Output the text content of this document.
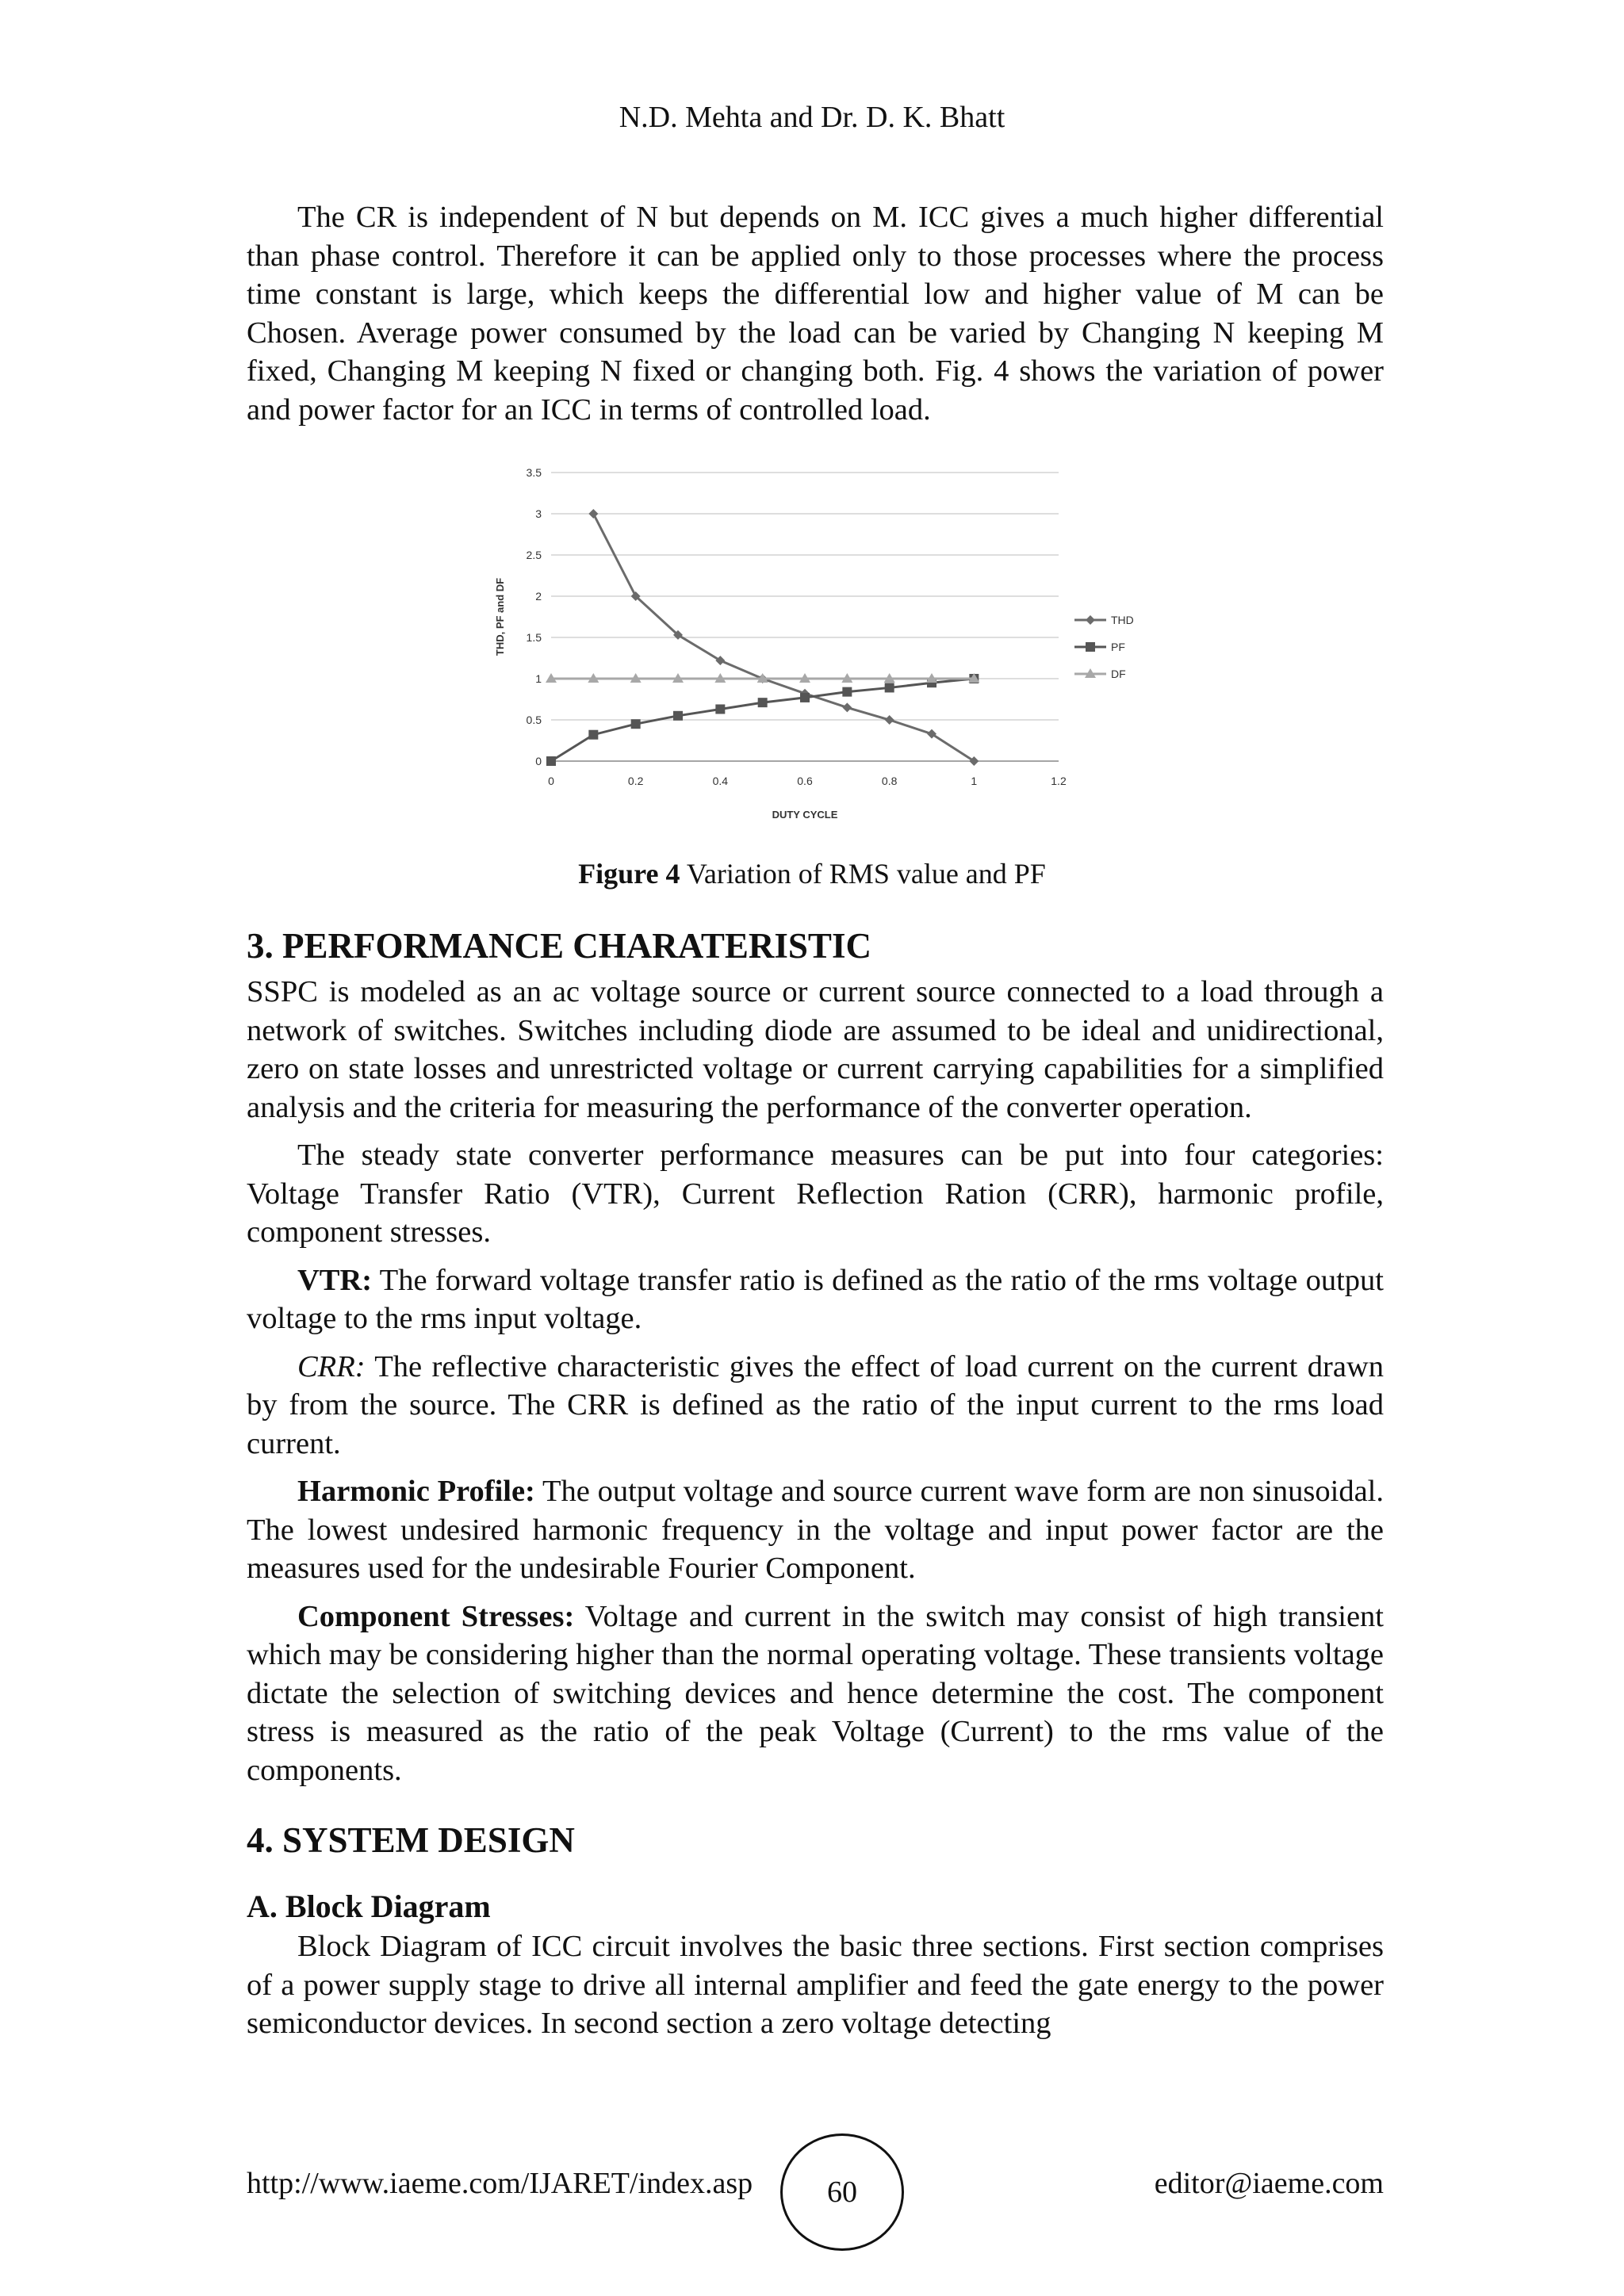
N.D. Mehta and Dr. D. K. Bhatt

The CR is independent of N but depends on M. ICC gives a much higher differential than phase control. Therefore it can be applied only to those processes where the process time constant is large, which keeps the differential low and higher value of M can be Chosen. Average power consumed by the load can be varied by Changing N keeping M fixed, Changing M keeping N fixed or changing both. Fig. 4 shows the variation of power and power factor for an ICC in terms of controlled load.

0
0.5
1
1.5
2
2.5
3
3.5
0	0.2	0.4	0.6	0.8	1	1.2
DUTY CYCLE
THD, PF and DF	THD
PF
DF
Figure 4 Variation of RMS value and PF
3. PERFORMANCE CHARATERISTIC

SSPC is modeled as an ac voltage source or current source connected to a load through a network of switches. Switches including diode are assumed to be ideal and unidirectional, zero on state losses and unrestricted voltage or current carrying capabilities for a simplified analysis and the criteria for measuring the performance of the converter operation.

The steady state converter performance measures can be put into four categories: Voltage Transfer Ratio (VTR), Current Reflection Ration (CRR), harmonic profile, component stresses.

VTR: The forward voltage transfer ratio is defined as the ratio of the rms voltage output voltage to the rms input voltage.

CRR: The reflective characteristic gives the effect of load current on the current drawn by from the source. The CRR is defined as the ratio of the input current to the rms load current.

Harmonic Profile: The output voltage and source current wave form are non sinusoidal. The lowest undesired harmonic frequency in the voltage and input power factor are the measures used for the undesirable Fourier Component.

Component Stresses: Voltage and current in the switch may consist of high transient which may be considering higher than the normal operating voltage. These transients voltage dictate the selection of switching devices and hence determine the cost. The component stress is measured as the ratio of the peak Voltage (Current) to the rms value of the components.

4. SYSTEM DESIGN
A. Block Diagram

Block Diagram of ICC circuit involves the basic three sections. First section comprises of a power supply stage to drive all internal amplifier and feed the gate energy to the power semiconductor devices. In second section a zero voltage detecting

http://www.iaeme.com/IJARET/index.asp	60	editor@iaeme.com
